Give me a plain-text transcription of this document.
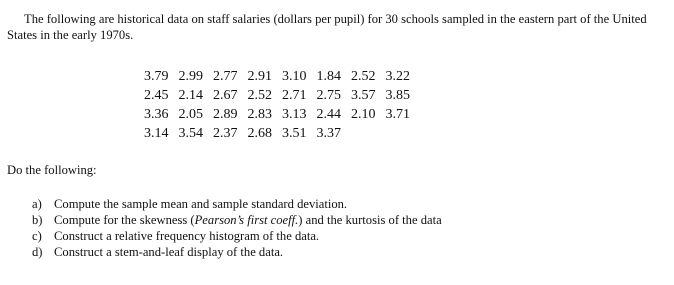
The following are historical data on staff salaries (dollars per pupil) for 30 schools sampled in the eastern part of the United States in the early 1970s.

3.79	2.99	2.77	2.91	3.10	1.84	2.52	3.22
2.45	2.14	2.67	2.52	2.71	2.75	3.57	3.85
3.36	2.05	2.89	2.83	3.13	2.44	2.10	3.71
3.14	3.54	2.37	2.68	3.51	3.37		

Do the following:

a) Compute the sample mean and sample standard deviation.
b) Compute for the skewness (Pearson’s first coeff.) and the kurtosis of the data
c) Construct a relative frequency histogram of the data.
d) Construct a stem-and-leaf display of the data.
